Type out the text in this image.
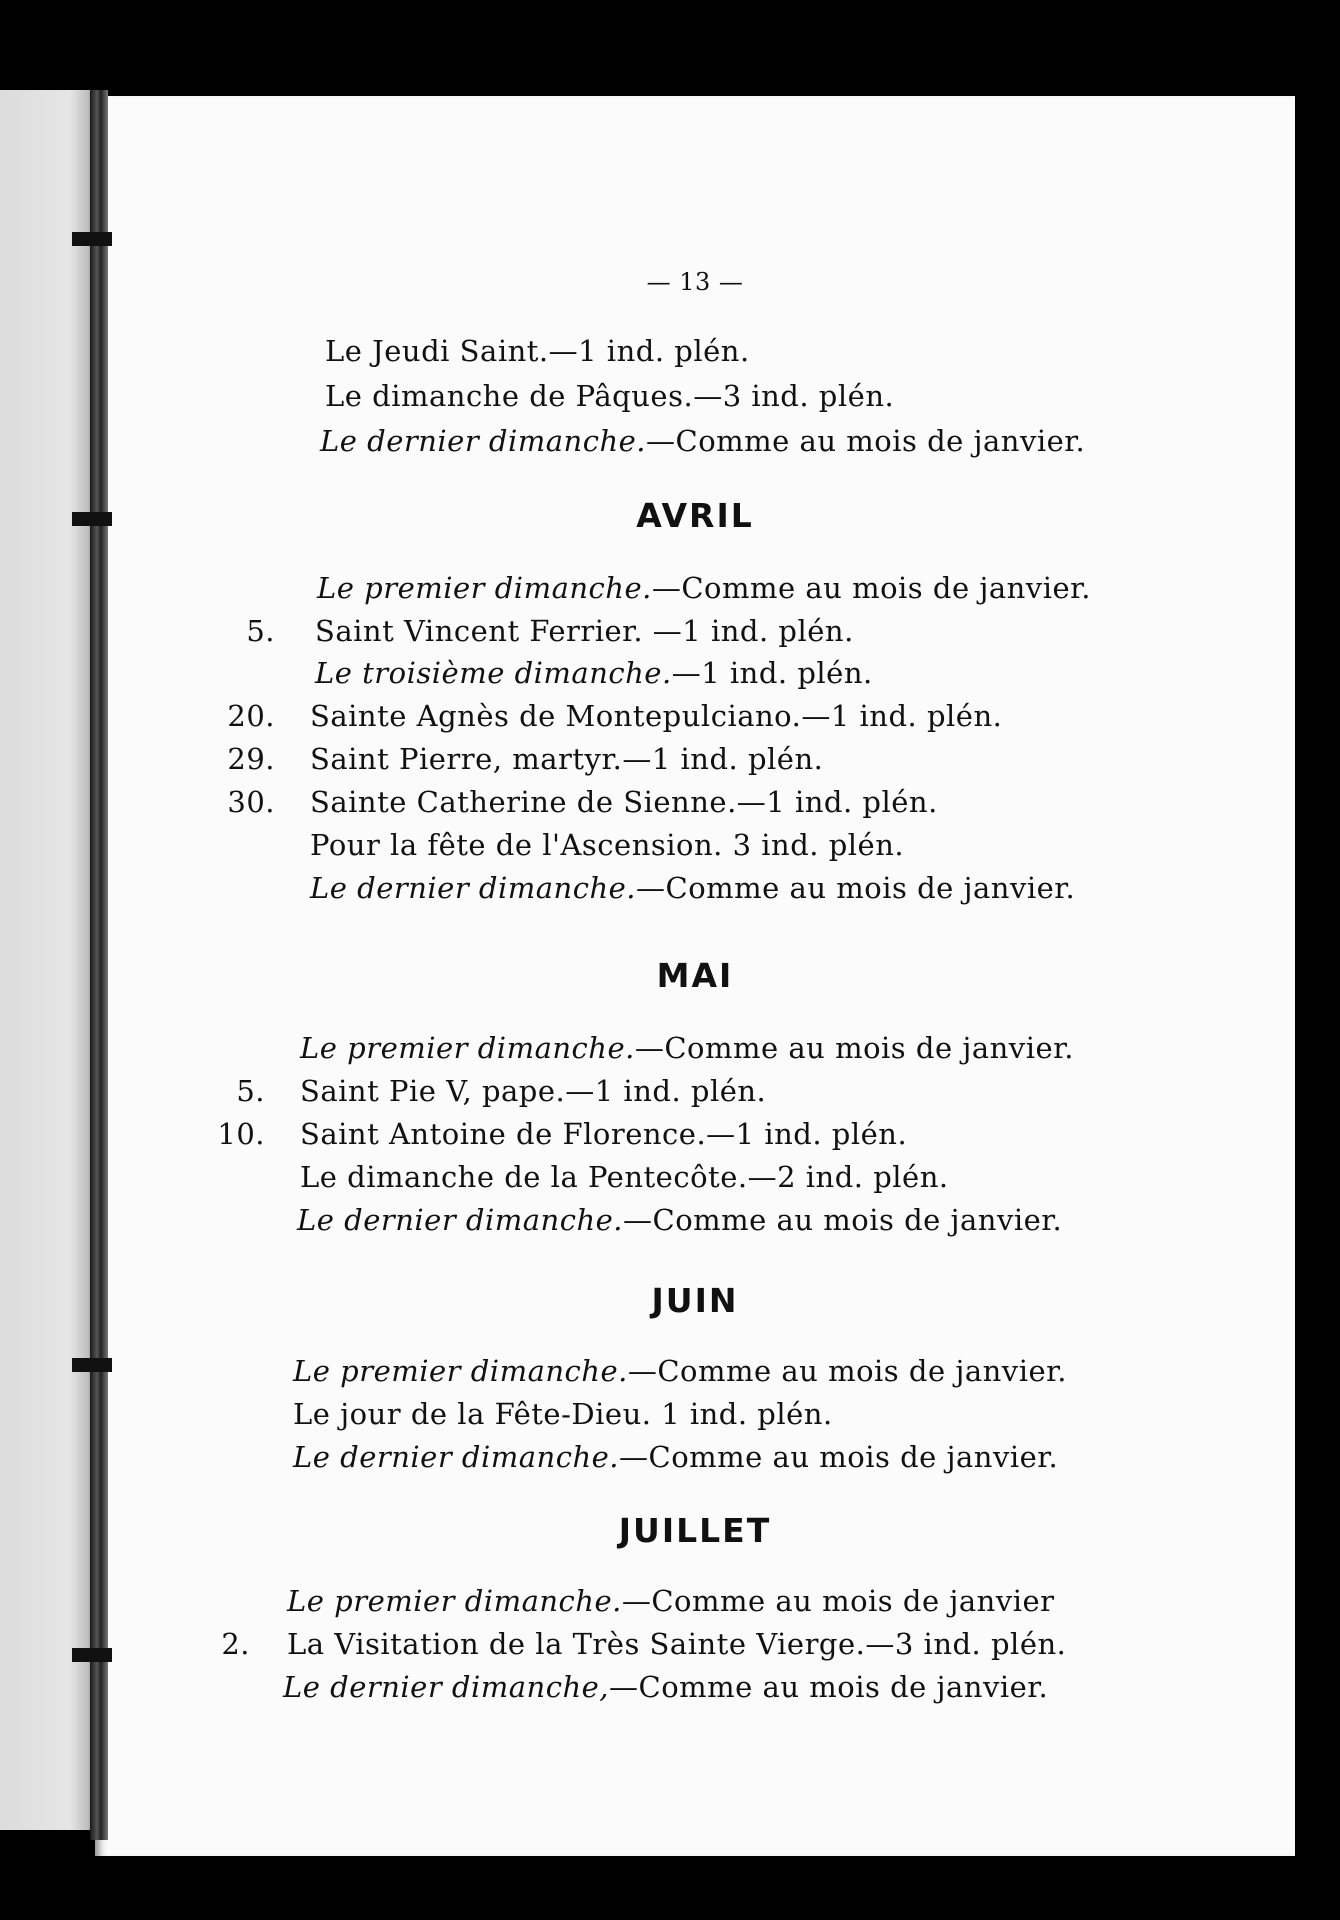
— 13 —
Le Jeudi Saint.—1 ind. plén.
Le dimanche de Pâques.—3 ind. plén.
Le dernier dimanche.—Comme au mois de janvier.
AVRIL
Le premier dimanche.—Comme au mois de janvier.
5. Saint Vincent Ferrier. —1 ind. plén.
Le troisième dimanche.—1 ind. plén.
20. Sainte Agnès de Montepulciano.—1 ind. plén.
29. Saint Pierre, martyr.—1 ind. plén.
30. Sainte Catherine de Sienne.—1 ind. plén.
Pour la fête de l'Ascension. 3 ind. plén.
Le dernier dimanche.—Comme au mois de janvier.
MAI
Le premier dimanche.—Comme au mois de janvier.
5. Saint Pie V, pape.—1 ind. plén.
10. Saint Antoine de Florence.—1 ind. plén.
Le dimanche de la Pentecôte.—2 ind. plén.
Le dernier dimanche.—Comme au mois de janvier.
JUIN
Le premier dimanche.—Comme au mois de janvier.
Le jour de la Fête-Dieu. 1 ind. plén.
Le dernier dimanche.—Comme au mois de janvier.
JUILLET
Le premier dimanche.—Comme au mois de janvier
2. La Visitation de la Très Sainte Vierge.—3 ind. plén.
Le dernier dimanche,—Comme au mois de janvier.
